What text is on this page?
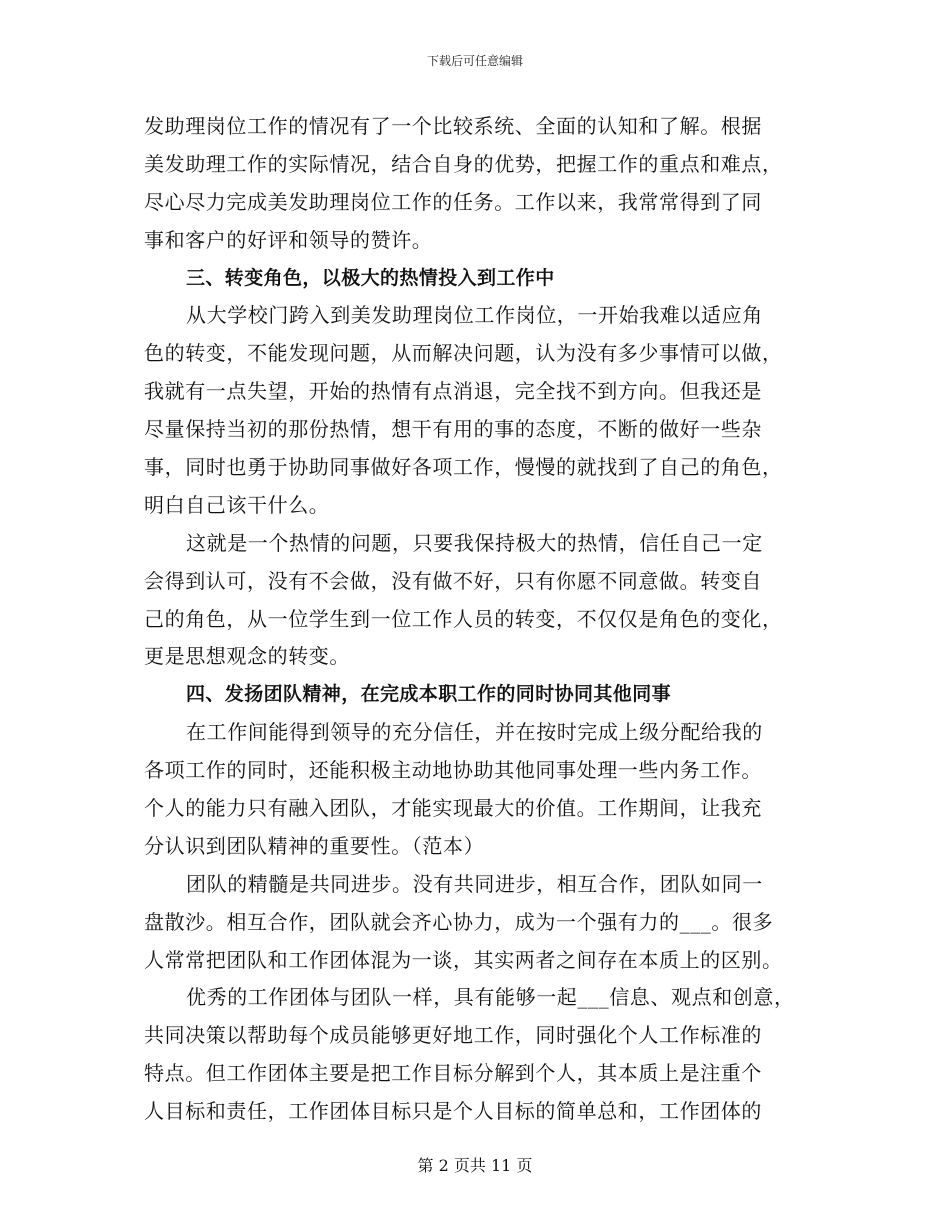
下载后可任意编辑
发助理岗位工作的情况有了一个比较系统、全面的认知和了解。根据
美发助理工作的实际情况，结合自身的优势，把握工作的重点和难点，
尽心尽力完成美发助理岗位工作的任务。工作以来，我常常得到了同
事和客户的好评和领导的赞许。
三、转变角色，以极大的热情投入到工作中
从大学校门跨入到美发助理岗位工作岗位，一开始我难以适应角
色的转变，不能发现问题，从而解决问题，认为没有多少事情可以做，
我就有一点失望，开始的热情有点消退，完全找不到方向。但我还是
尽量保持当初的那份热情，想干有用的事的态度，不断的做好一些杂
事，同时也勇于协助同事做好各项工作，慢慢的就找到了自己的角色，
明白自己该干什么。
这就是一个热情的问题，只要我保持极大的热情，信任自己一定
会得到认可，没有不会做，没有做不好，只有你愿不同意做。转变自
己的角色，从一位学生到一位工作人员的转变，不仅仅是角色的变化，
更是思想观念的转变。
四、发扬团队精神，在完成本职工作的同时协同其他同事
在工作间能得到领导的充分信任，并在按时完成上级分配给我的
各项工作的同时，还能积极主动地协助其他同事处理一些内务工作。
个人的能力只有融入团队，才能实现最大的价值。工作期间，让我充
分认识到团队精神的重要性。（范本）
团队的精髓是共同进步。没有共同进步，相互合作，团队如同一
盘散沙。相互合作，团队就会齐心协力，成为一个强有力的___。很多
人常常把团队和工作团体混为一谈，其实两者之间存在本质上的区别。
优秀的工作团体与团队一样，具有能够一起___信息、观点和创意，
共同决策以帮助每个成员能够更好地工作，同时强化个人工作标准的
特点。但工作团体主要是把工作目标分解到个人，其本质上是注重个
人目标和责任，工作团体目标只是个人目标的简单总和，工作团体的
第 2 页共 11 页
